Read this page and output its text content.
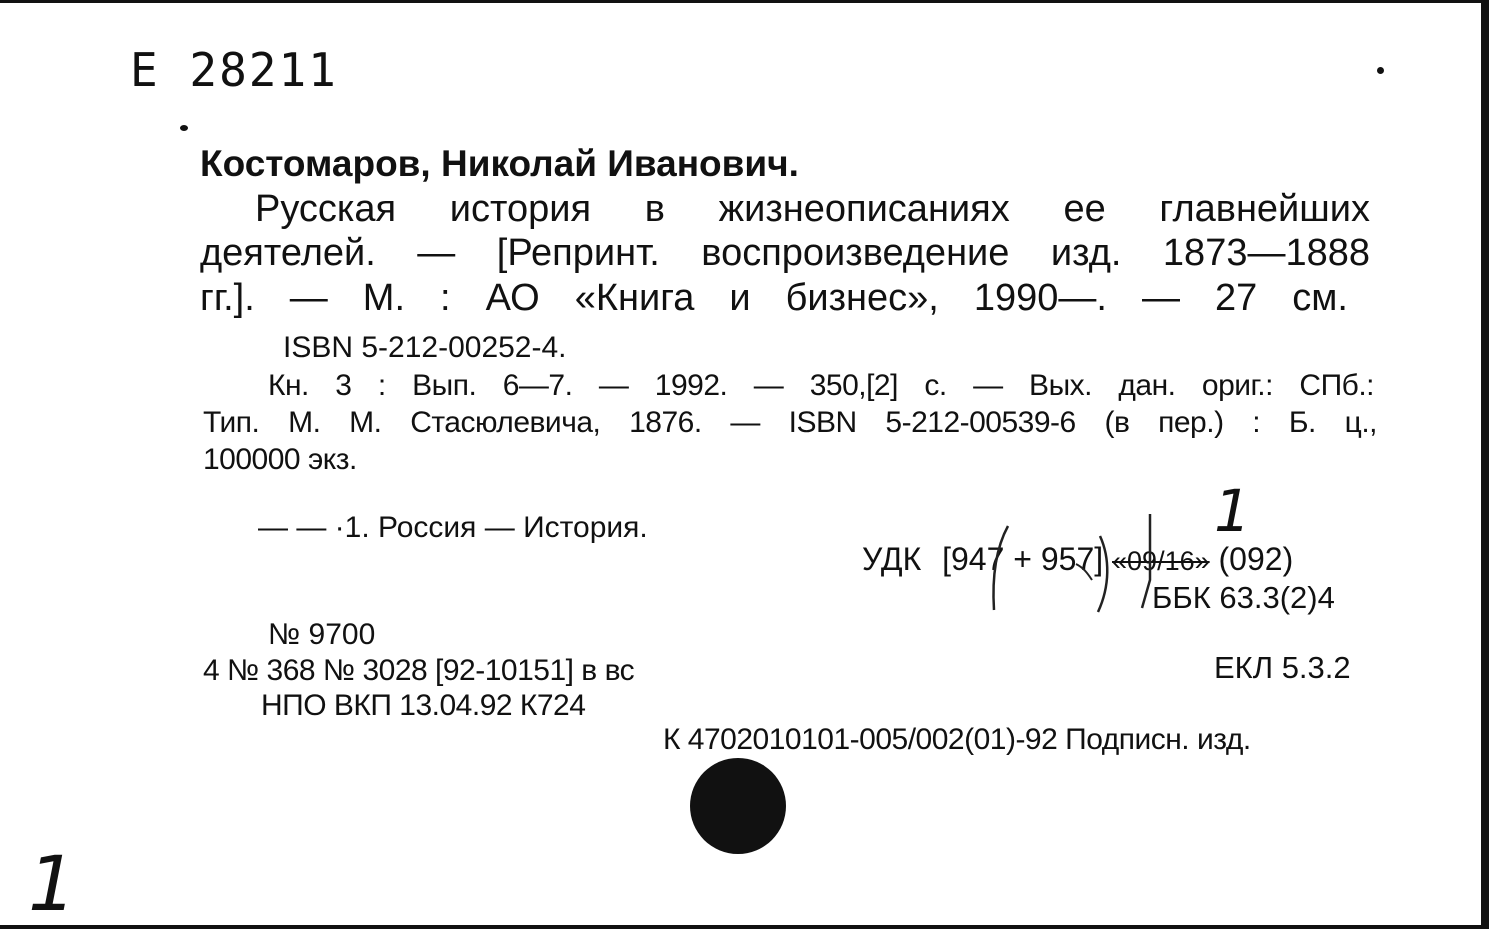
Е 28211
Костомаров, Николай Иванович.
Русская история в жизнеописаниях ее главнейших
деятелей. — [Репринт. воспроизведение изд. 1873—1888
гг.]. — М. : АО «Книга и бизнес», 1990—. — 27 см.
ISBN 5-212-00252-4.
Кн. 3 : Вып. 6—7. — 1992. — 350,[2] с. — Вых. дан. ориг.: СПб.:
Тип. М. М. Стасюлевича, 1876. — ISBN 5-212-00539-6 (в пер.) : Б. ц.,
100000 экз.
— — ·1. Россия — История.	1
УДК [947 + 957] «09/16» (092)
ББК 63.3(2)4
№ 9700
4 № 368 № 3028 [92-10151] в вс	ЕКЛ 5.3.2
НПО ВКП 13.04.92 К724
К 4702010101-005/002(01)-92 Подписн. изд.
1
